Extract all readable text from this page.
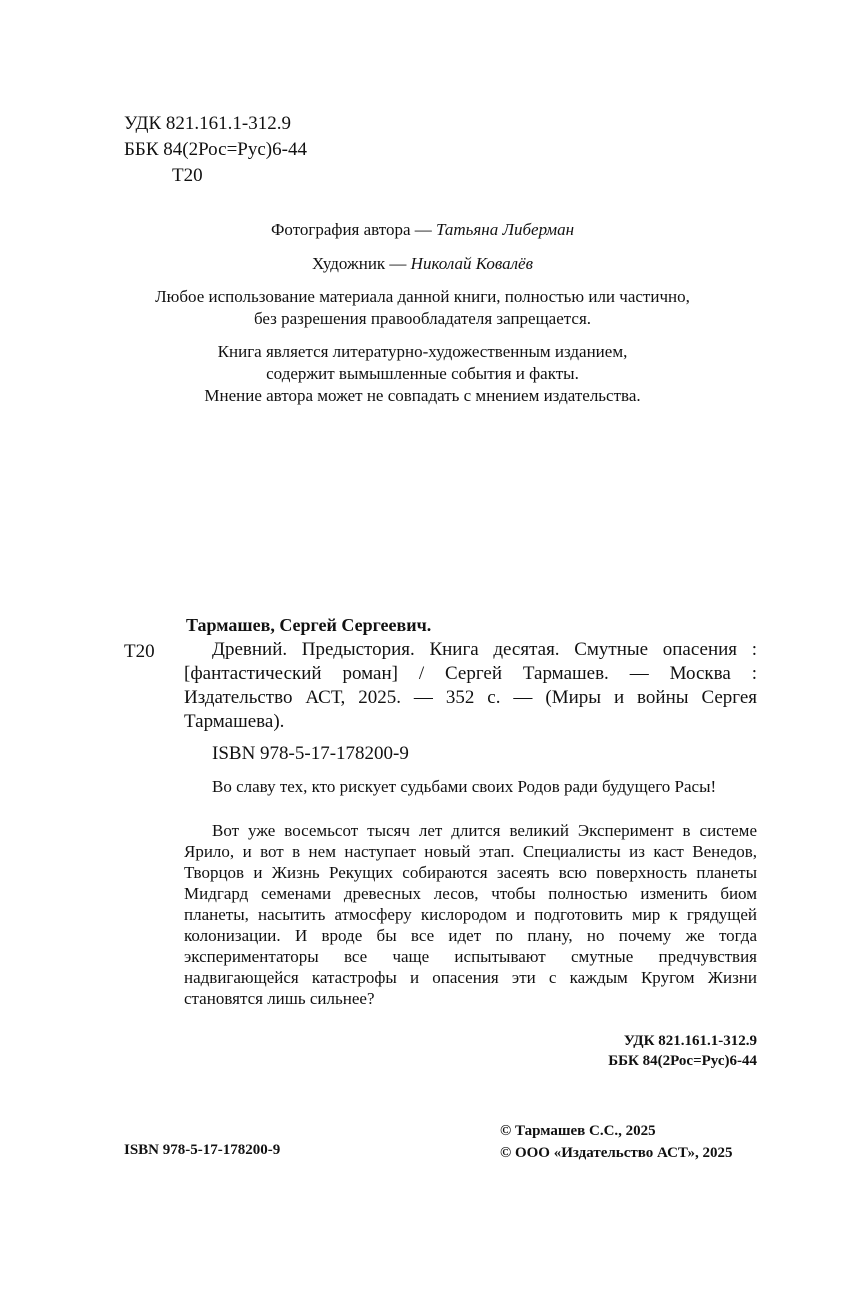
УДК 821.161.1-312.9

ББК 84(2Рос=Рус)6-44

Т20

Фотография автора — Татьяна Либерман

Художник — Николай Ковалёв

Любое использование материала данной книги, полностью или частично,

без разрешения правообладателя запрещается.

Книга является литературно-художественным изданием,

содержит вымышленные события и факты.

Мнение автора может не совпадать с мнением издательства.

Тармашев, Сергей Сергеевич.

Т20	Древний. Предыстория. Книга десятая. Смутные опасения : [фантастический роман] / Сергей Тармашев. — Москва : Издательство АСТ, 2025. — 352 с. — (Миры и войны Сергея Тармашева).

ISBN 978-5-17-178200-9

Во славу тех, кто рискует судьбами своих Родов ради будущего Расы!

Вот уже восемьсот тысяч лет длится великий Эксперимент в системе Ярило, и вот в нем наступает новый этап. Специалисты из каст Венедов, Творцов и Жизнь Рекущих собираются засеять всю поверхность планеты Мидгард семенами древесных лесов, чтобы полностью изменить биом планеты, насытить атмосферу кислородом и подготовить мир к грядущей колонизации. И вроде бы все идет по плану, но почему же тогда экспериментаторы все чаще испытывают смутные предчувствия надвигающейся катастрофы и опасения эти с каждым Кругом Жизни становятся лишь сильнее?

УДК 821.161.1-312.9

ББК 84(2Рос=Рус)6-44

© Тармашев С.С., 2025

© ООО «Издательство АСТ», 2025

ISBN 978-5-17-178200-9
